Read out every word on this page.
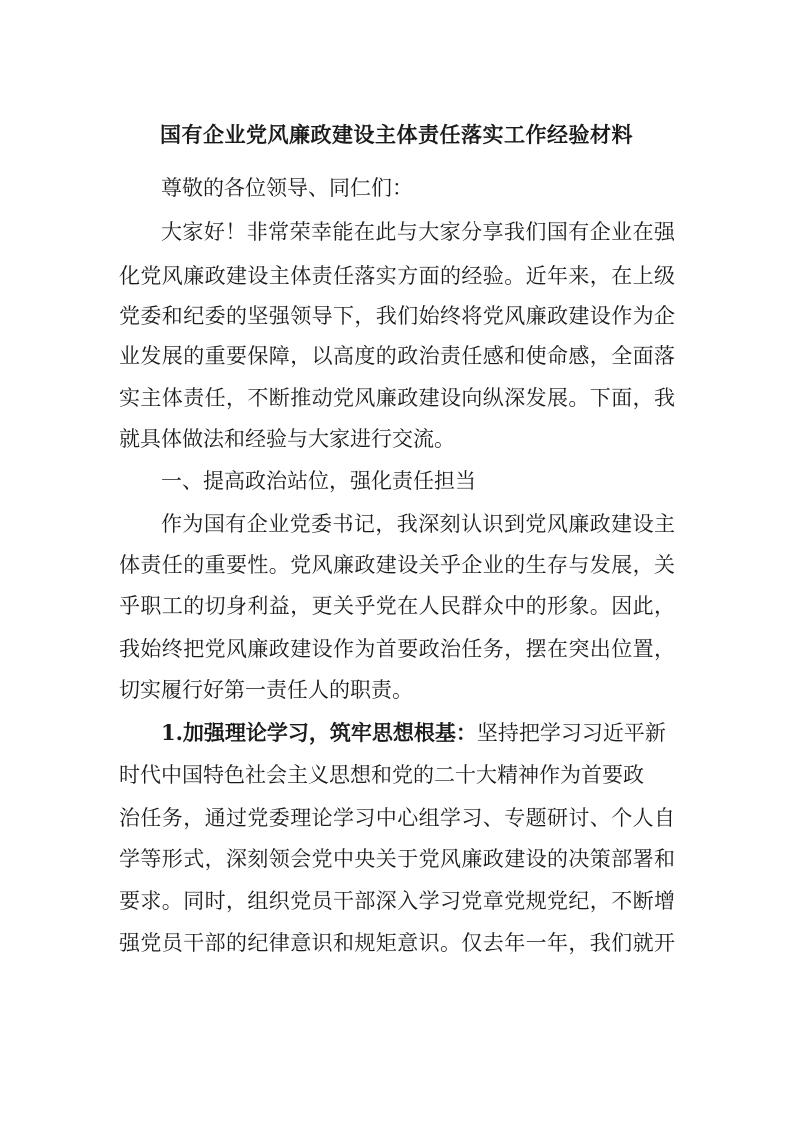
国有企业党风廉政建设主体责任落实工作经验材料
尊敬的各位领导、同仁们：
大家好！非常荣幸能在此与大家分享我们国有企业在强
化党风廉政建设主体责任落实方面的经验。近年来，在上级
党委和纪委的坚强领导下，我们始终将党风廉政建设作为企
业发展的重要保障，以高度的政治责任感和使命感，全面落
实主体责任，不断推动党风廉政建设向纵深发展。下面，我
就具体做法和经验与大家进行交流。
一、提高政治站位，强化责任担当
作为国有企业党委书记，我深刻认识到党风廉政建设主
体责任的重要性。党风廉政建设关乎企业的生存与发展，关
乎职工的切身利益，更关乎党在人民群众中的形象。因此，
我始终把党风廉政建设作为首要政治任务，摆在突出位置，
切实履行好第一责任人的职责。
1.加强理论学习，筑牢思想根基：坚持把学习习近平新
时代中国特色社会主义思想和党的二十大精神作为首要政
治任务，通过党委理论学习中心组学习、专题研讨、个人自
学等形式，深刻领会党中央关于党风廉政建设的决策部署和
要求。同时，组织党员干部深入学习党章党规党纪，不断增
强党员干部的纪律意识和规矩意识。仅去年一年，我们就开
